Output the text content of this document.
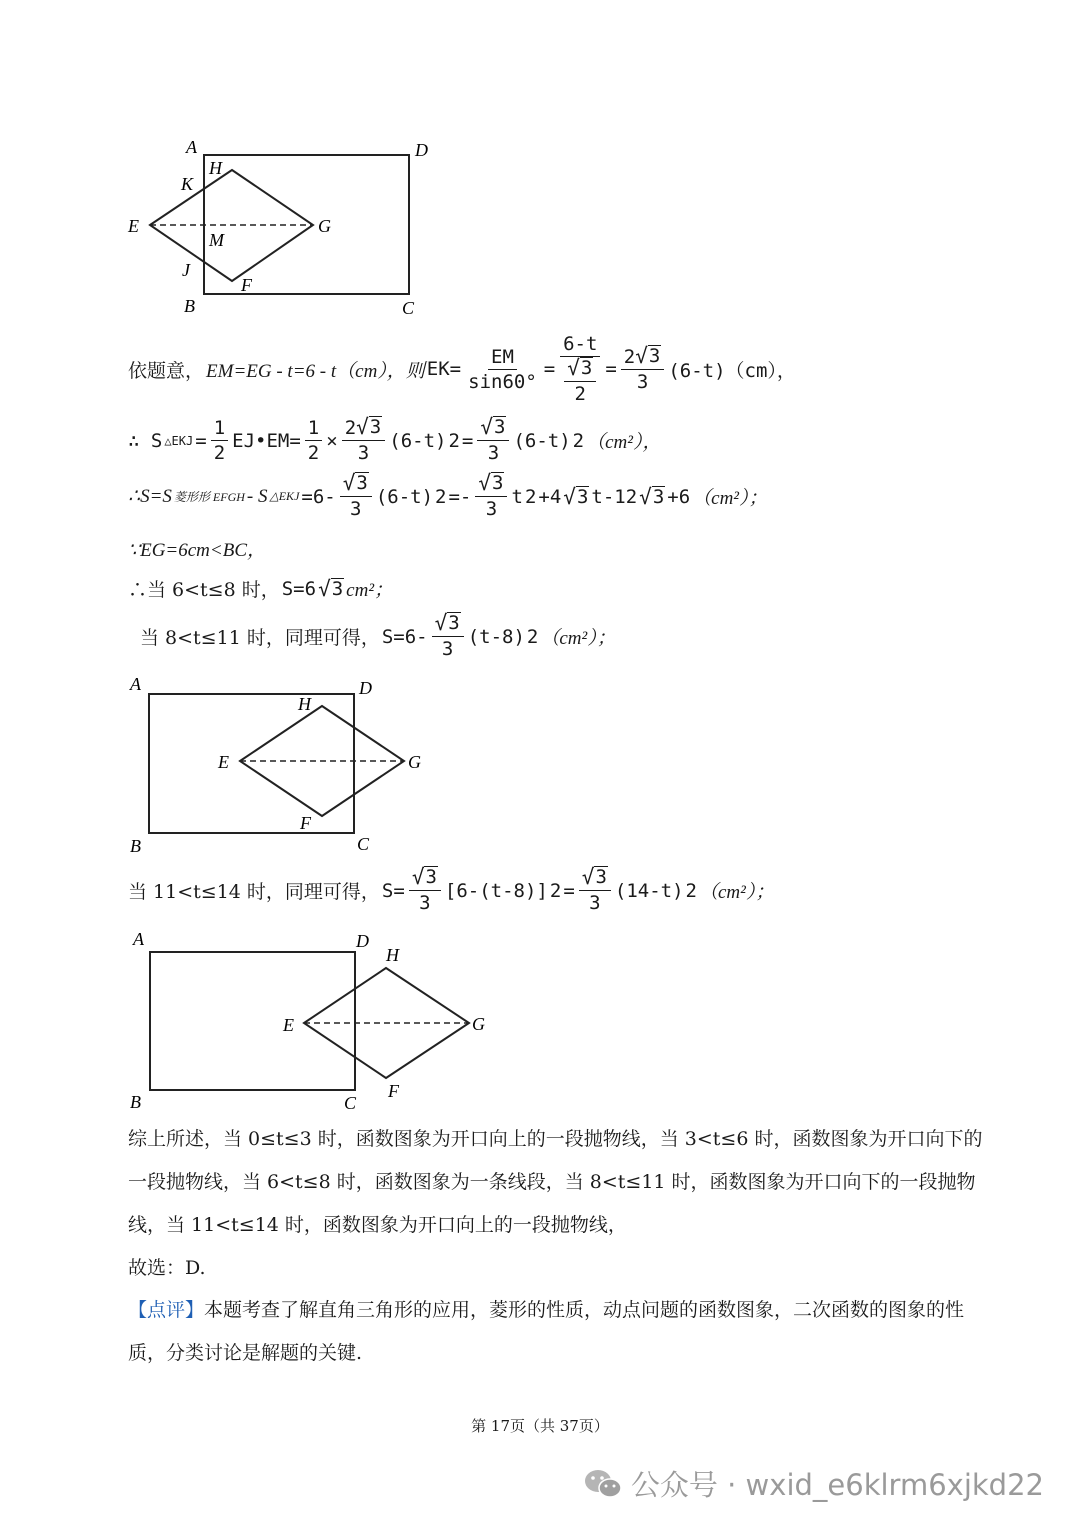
A	D
H
K
E	G
M
J
F
B	C
依题意， EM=EG - t=6 - t（cm），则 $EK= \frac{EM}{\sin 60^\circ} = \frac{6-t}{\frac{√ 3}{2}} = \frac{2 √ 3}{3} (6-t)(cm)$，
∴ S △EKJ = $\frac{1}{2}$ EJ•EM= $\frac{1}{2} \times \frac{2 √ 3}{3} (6-t) 2 = \frac{√ 3}{3} (6-t)$ 2 （cm²），
∴S=S 菱形形 EFGH - S △EKJ $=6- \frac{√ 3}{3} (6-t) 2 =- \frac{√ 3}{3}$ t 2 +4 √ 3 t-12 √ 3 +6 （cm²）；
∵EG=6cm<BC，
∴当 6<t≤8 时， S=6 √ 3 cm²；
当 8<t≤11 时，同理可得， $S=6- \frac{√ 3}{3} (t-8)$ 2 （cm²）；
A	D
H
E	G
F
B	C
当 11<t≤14 时，同理可得， $S= \frac{√ 3}{3} [6-(t-8)] 2 = \frac{√ 3}{3} (14-t)$ 2 （cm²）；
A	D
H
E	G
F
B	C
综上所述，当 0≤t≤3 时，函数图象为开口向上的一段抛物线，当 3<t≤6 时，函数图象为开口向下的一段抛物线，当 6<t≤8 时，函数图象为一条线段，当 8<t≤11 时，函数图象为开口向下的一段抛物线，当 11<t≤14 时，函数图象为开口向上的一段抛物线，
故选：D.
【点评】本题考查了解直角三角形的应用，菱形的性质，动点问题的函数图象，二次函数的图象的性质，分类讨论是解题的关键.
第 17页（共 37页）
公众号 · wxid_e6klrm6xjkd22
